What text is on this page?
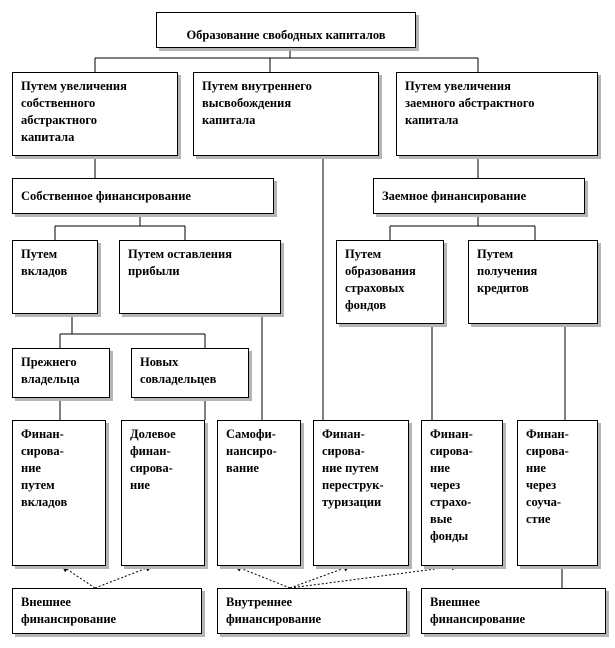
Образование свободных капиталов
Путем увеличения
собственного
абстрактного
капитала
Путем внутреннего
высвобождения
капитала
Путем увеличения
заемного абстрактного
капитала
Собственное финансирование	Заемное финансирование
Путем
вкладов
Путем оставления
прибыли
Путем
образования
страховых
фондов
Путем
получения
кредитов
Прежнего
владельца
Новых
совладельцев
Финан-
сирова-
ние
путем
вкладов
Долевое
финан-
сирова-
ние
Самофи-
нансиро-
вание
Финан-
сирова-
ние путем
переструк-
туризации
Финан-
сирова-
ние
через
страхо-
вые
фонды
Финан-
сирова-
ние
через
соуча-
стие
Внешнее
финансирование
Внутреннее
финансирование
Внешнее
финансирование
